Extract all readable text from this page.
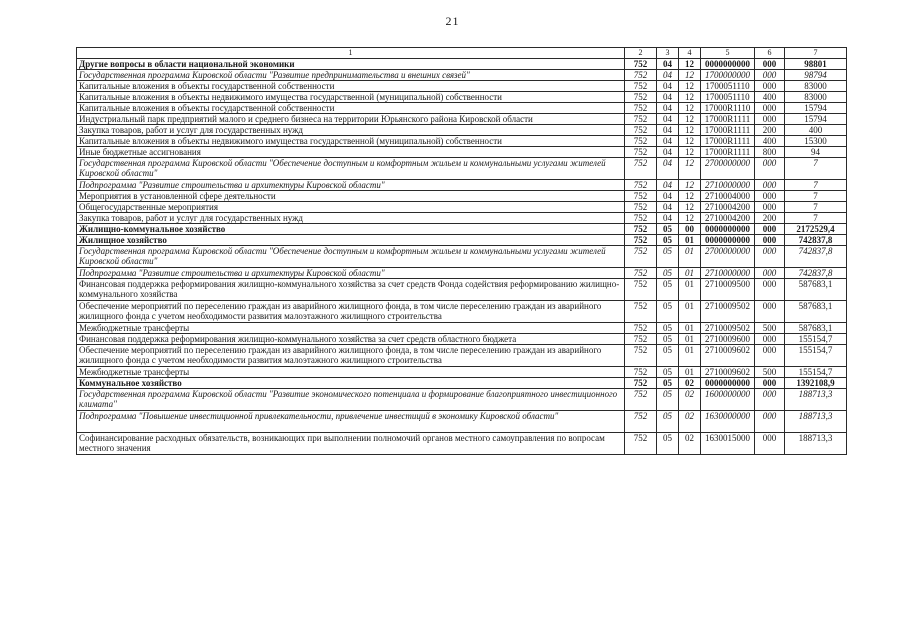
21
1	2	3	4	5	6	7
Другие вопросы в области национальной экономики	752	04	12	0000000000	000	98801
Государственная программа Кировской области "Развитие предпринимательства и внешних связей"	752	04	12	1700000000	000	98794
Капитальные вложения в объекты государственной собственности	752	04	12	1700051110	000	83000
Капитальные вложения в объекты недвижимого имущества государственной (муниципальной) собственности	752	04	12	1700051110	400	83000
Капитальные вложения в объекты государственной собственности	752	04	12	17000R1110	000	15794
Индустриальный парк предприятий малого и среднего бизнеса на территории Юрьянского района Кировской области	752	04	12	17000R1111	000	15794
Закупка товаров, работ и услуг для государственных нужд	752	04	12	17000R1111	200	400
Капитальные вложения в объекты недвижимого имущества государственной (муниципальной) собственности	752	04	12	17000R1111	400	15300
Иные бюджетные ассигнования	752	04	12	17000R1111	800	94
Государственная программа Кировской области "Обеспечение доступным и комфортным жильем и коммунальными услугами жителей Кировской области"	752	04	12	2700000000	000	7
Подпрограмма "Развитие строительства и архитектуры Кировской области"	752	04	12	2710000000	000	7
Мероприятия в установленной сфере деятельности	752	04	12	2710004000	000	7
Общегосударственные мероприятия	752	04	12	2710004200	000	7
Закупка товаров, работ и услуг для государственных нужд	752	04	12	2710004200	200	7
Жилищно-коммунальное хозяйство	752	05	00	0000000000	000	2172529,4
Жилищное хозяйство	752	05	01	0000000000	000	742837,8
Государственная программа Кировской области "Обеспечение доступным и комфортным жильем и коммунальными услугами жителей Кировской области"	752	05	01	2700000000	000	742837,8
Подпрограмма "Развитие строительства и архитектуры Кировской области"	752	05	01	2710000000	000	742837,8
Финансовая поддержка реформирования жилищно-коммунального хозяйства за счет средств Фонда содействия реформированию жилищно-коммунального хозяйства	752	05	01	2710009500	000	587683,1
Обеспечение мероприятий по переселению граждан из аварийного жилищного фонда, в том числе переселению граждан из аварийного жилищного фонда с учетом необходимости развития малоэтажного жилищного строительства	752	05	01	2710009502	000	587683,1
Межбюджетные трансферты	752	05	01	2710009502	500	587683,1
Финансовая поддержка реформирования жилищно-коммунального хозяйства за счет средств областного бюджета	752	05	01	2710009600	000	155154,7
Обеспечение мероприятий по переселению граждан из аварийного жилищного фонда, в том числе переселению граждан из аварийного жилищного фонда с учетом необходимости развития малоэтажного жилищного строительства	752	05	01	2710009602	000	155154,7
Межбюджетные трансферты	752	05	01	2710009602	500	155154,7
Коммунальное хозяйство	752	05	02	0000000000	000	1392108,9
Государственная программа Кировской области "Развитие экономического потенциала и формирование благоприятного инвестиционного климата"	752	05	02	1600000000	000	188713,3
Подпрограмма "Повышение инвестиционной привлекательности, привлечение инвестиций в экономику Кировской области"	752	05	02	1630000000	000	188713,3
Софинансирование расходных обязательств, возникающих при выполнении полномочий органов местного самоуправления по вопросам местного значения	752	05	02	1630015000	000	188713,3
